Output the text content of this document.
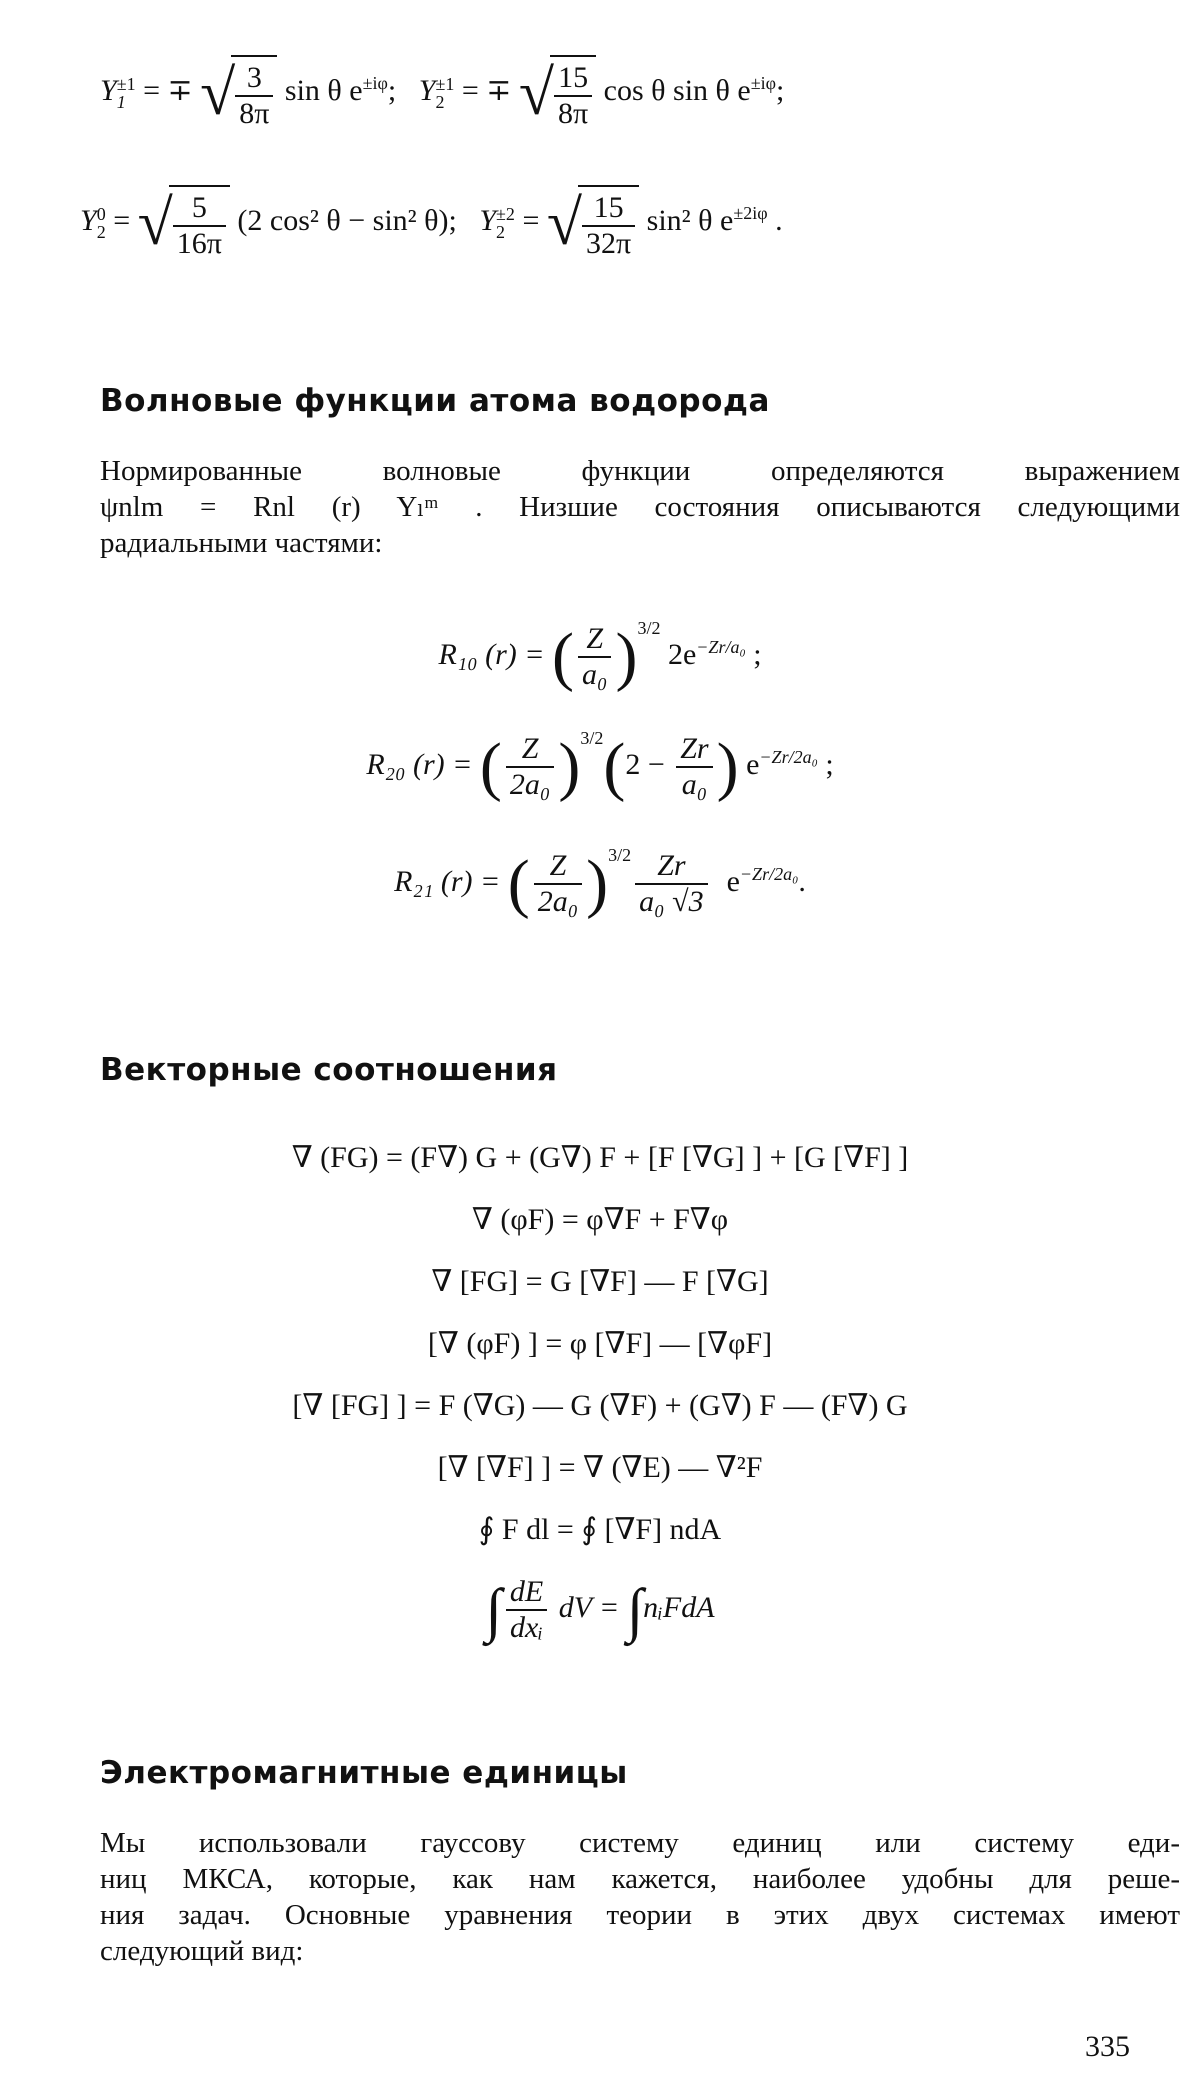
Y ±1
1 = ∓ √ $\frac{3}{8\pi}$ sin θ $e^{\pm i\varphi}$;   Y ±1
2 = ∓ √ $\frac{15}{8\pi}$ cos θ sin θ $e^{\pm i\varphi}$;
Y 0
2 = √ $\frac{5}{16\pi} (2$ cos² θ − sin² θ);   Y ±2
2 = √ $\frac{15}{32\pi} \sin^2$ θ $e^{\pm 2i\varphi}$ .
Волновые функции атома водорода
Нормированные волновые функции определяются выражением
ψnlm = Rnl (r) Yₗᵐ . Низшие состояния описываются следующими
радиальными частями:
R₁₀ (r) = ( $\frac{Z}{\text{a₀}} )^{3/2}$ $2e^{-Zr/a_0}$ ;
R₂₀ (r) = ( $\frac{Z}{\text{2a₀}} )^{3/2}(2 - \frac{Zr}{\text{a₀}}$ ) $e^{-Zr/2a_0}$ ;
R₂₁ (r) = ( $\frac{Z}{\text{2a₀}} )^{3/2} \frac{Zr}{\text{a₀ √3}} e^{-Zr/2a_0}$.
Векторные соотношения
∇ (FG) = (F∇) G + (G∇) F + [F [∇G] ] + [G [∇F] ]
∇ (φF) = φ∇F + F∇φ
∇ [FG] = G [∇F] — F [∇G]
[∇ (φF) ] = φ [∇F] — [∇φF]
[∇ [FG] ] = F (∇G) — G (∇F) + (G∇) F — (F∇) G
[∇ [∇F] ] = ∇ (∇E) — ∇²F
∮ F dl = ∮ [∇F] ndA
∫ $\frac{dE}{\text{dxᵢ}}$ dV = ∫nᵢFdA
Электромагнитные единицы
Мы использовали гауссову систему единиц или систему еди-
ниц МКСА, которые, как нам кажется, наиболее удобны для реше-
ния задач. Основные уравнения теории в этих двух системах имеют
следующий вид:
335
